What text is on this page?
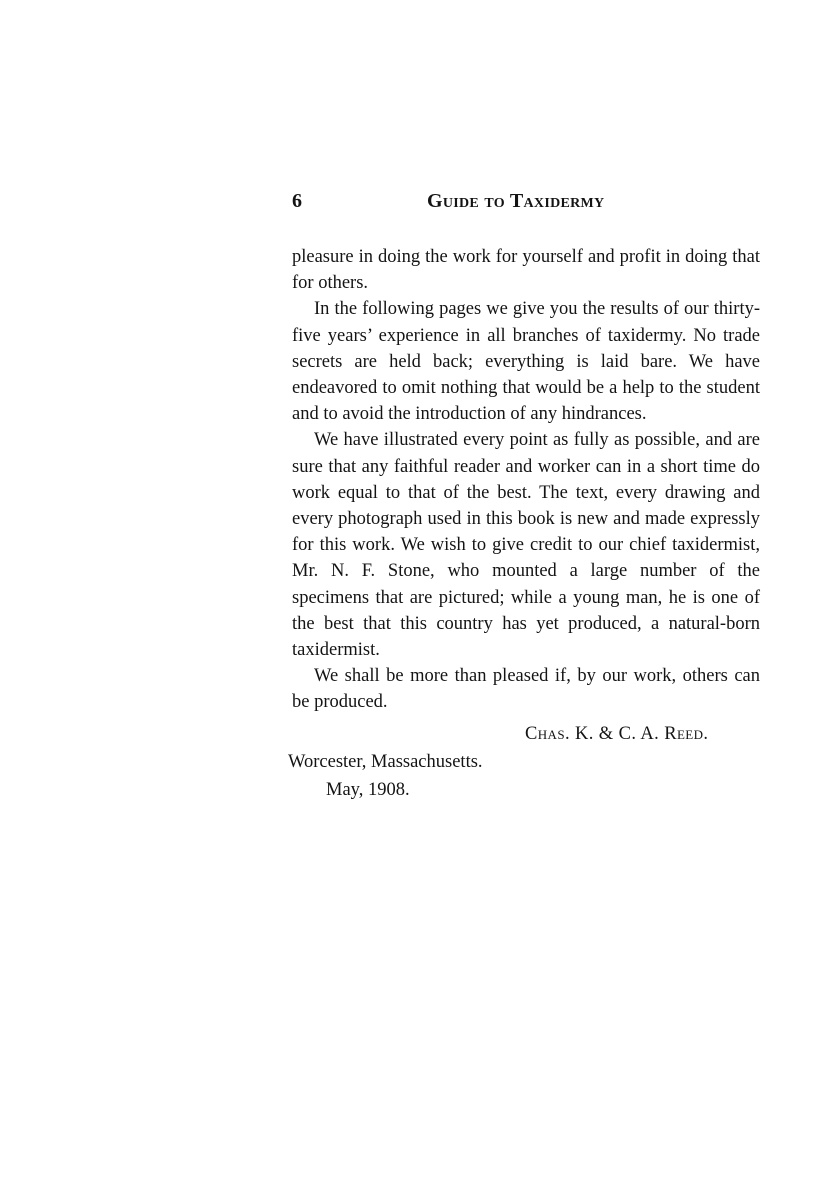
6	Guide to Taxidermy

pleasure in doing the work for yourself and profit in doing that for others.

In the following pages we give you the results of our thirty-five years’ experience in all branches of taxidermy. No trade secrets are held back; everything is laid bare. We have endeavored to omit nothing that would be a help to the student and to avoid the introduction of any hindrances.

We have illustrated every point as fully as possible, and are sure that any faithful reader and worker can in a short time do work equal to that of the best. The text, every drawing and every photograph used in this book is new and made expressly for this work. We wish to give credit to our chief taxidermist, Mr. N. F. Stone, who mounted a large number of the specimens that are pictured; while a young man, he is one of the best that this country has yet produced, a natural-born taxidermist.

We shall be more than pleased if, by our work, others can be produced.

Chas. K. & C. A. Reed.

Worcester, Massachusetts.

May, 1908.
